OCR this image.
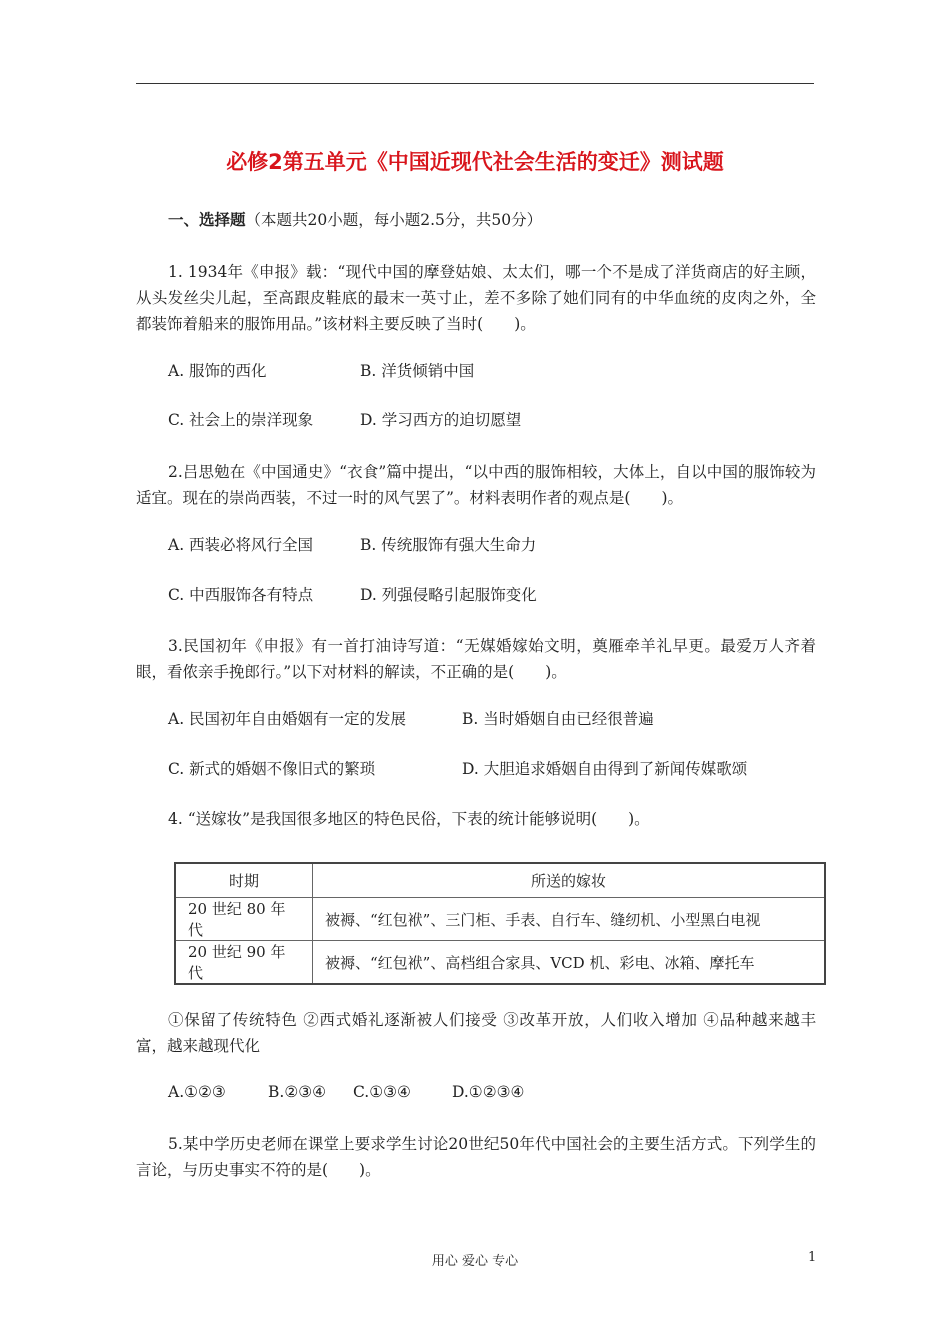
必修2第五单元《中国近现代社会生活的变迁》测试题
一、选择题（本题共20小题，每小题2.5分，共50分）
1. 1934年《申报》载：“现代中国的摩登姑娘、太太们，哪一个不是成了洋货商店的好主顾，从头发丝尖儿起，至高跟皮鞋底的最末一英寸止，差不多除了她们同有的中华血统的皮肉之外，全都装饰着船来的服饰用品。”该材料主要反映了当时(　　)。
A. 服饰的西化	B. 洋货倾销中国
C. 社会上的崇洋现象	D. 学习西方的迫切愿望
2.吕思勉在《中国通史》“衣食”篇中提出，“以中西的服饰相较，大体上，自以中国的服饰较为适宜。现在的崇尚西装，不过一时的风气罢了”。材料表明作者的观点是(　　)。
A. 西装必将风行全国	B. 传统服饰有强大生命力
C. 中西服饰各有特点	D. 列强侵略引起服饰变化
3.民国初年《申报》有一首打油诗写道：“无媒婚嫁始文明，奠雁牵羊礼早更。最爱万人齐着眼，看侬亲手挽郎行。”以下对材料的解读，不正确的是(　　)。
A. 民国初年自由婚姻有一定的发展	B. 当时婚姻自由已经很普遍
C. 新式的婚姻不像旧式的繁琐	D. 大胆追求婚姻自由得到了新闻传媒歌颂
4. “送嫁妆”是我国很多地区的特色民俗，下表的统计能够说明(　　)。
时期	所送的嫁妆
20 世纪 80 年代	被褥、“红包袱”、三门柜、手表、自行车、缝纫机、小型黑白电视
20 世纪 90 年代	被褥、“红包袱”、高档组合家具、VCD 机、彩电、冰箱、摩托车
①保留了传统特色 ②西式婚礼逐渐被人们接受 ③改革开放，人们收入增加 ④品种越来越丰富，越来越现代化
A.①②③	B.②③④ C.①③④	D.①②③④
5.某中学历史老师在课堂上要求学生讨论20世纪50年代中国社会的主要生活方式。下列学生的言论，与历史事实不符的是(　　)。
用心 爱心 专心	1
